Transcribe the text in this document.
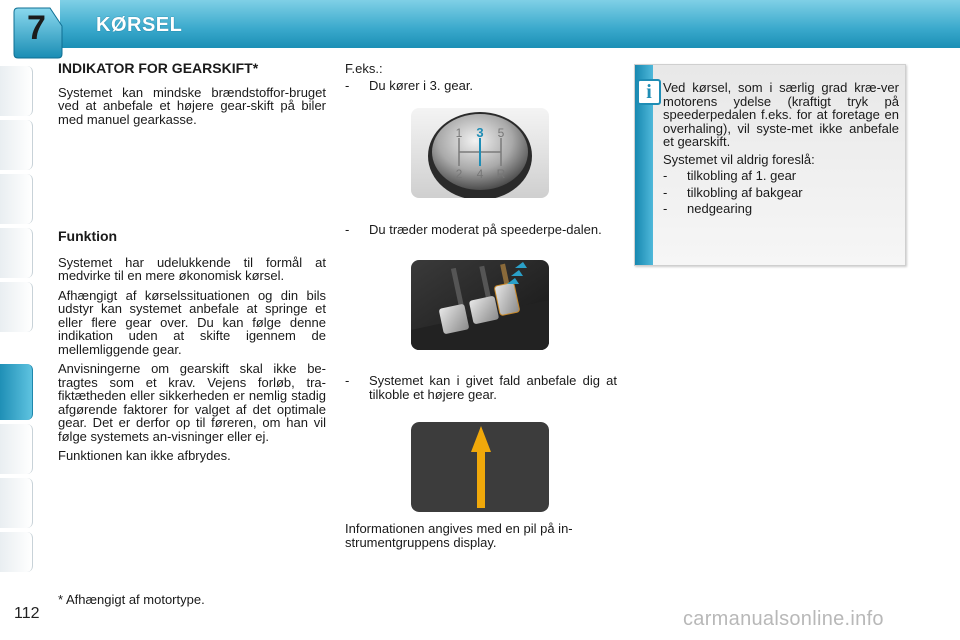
7	KØRSEL
INDIKATOR FOR GEARSKIFT*

Systemet kan mindske brændstoffor-bruget ved at anbefale et højere gear-skift på biler med manuel gearkasse.

Funktion

Systemet har udelukkende til formål at medvirke til en mere økonomisk kørsel.

Afhængigt af kørselssituationen og din bils udstyr kan systemet anbefale at springe et eller flere gear over. Du kan følge denne indikation uden at skifte igennem de mellemliggende gear.

Anvisningerne om gearskift skal ikke be-tragtes som et krav. Vejens forløb, tra-fiktætheden eller sikkerheden er nemlig stadig afgørende faktorer for valget af det optimale gear. Det er derfor op til føreren, om han vil følge systemets an-visninger eller ej.

Funktionen kan ikke afbrydes.

F.eks.:
-	Du kører i 3. gear.
-	Du træder moderat på speederpe-dalen.
-	Systemet kan i givet fald anbefale dig at tilkoble et højere gear.
Informationen angives med en pil på in-strumentgruppens display.
1 3 5
2 4 R
i Ved kørsel, som i særlig grad kræ-ver motorens ydelse (kraftigt tryk på speederpedalen f.eks. for at foretage en overhaling), vil syste-met ikke anbefale et gearskift.

Systemet vil aldrig foreslå:

-	tilkobling af 1. gear
-	tilkobling af bakgear
-	nedgearing
* Afhængigt af motortype.
112	carmanualsonline.info
